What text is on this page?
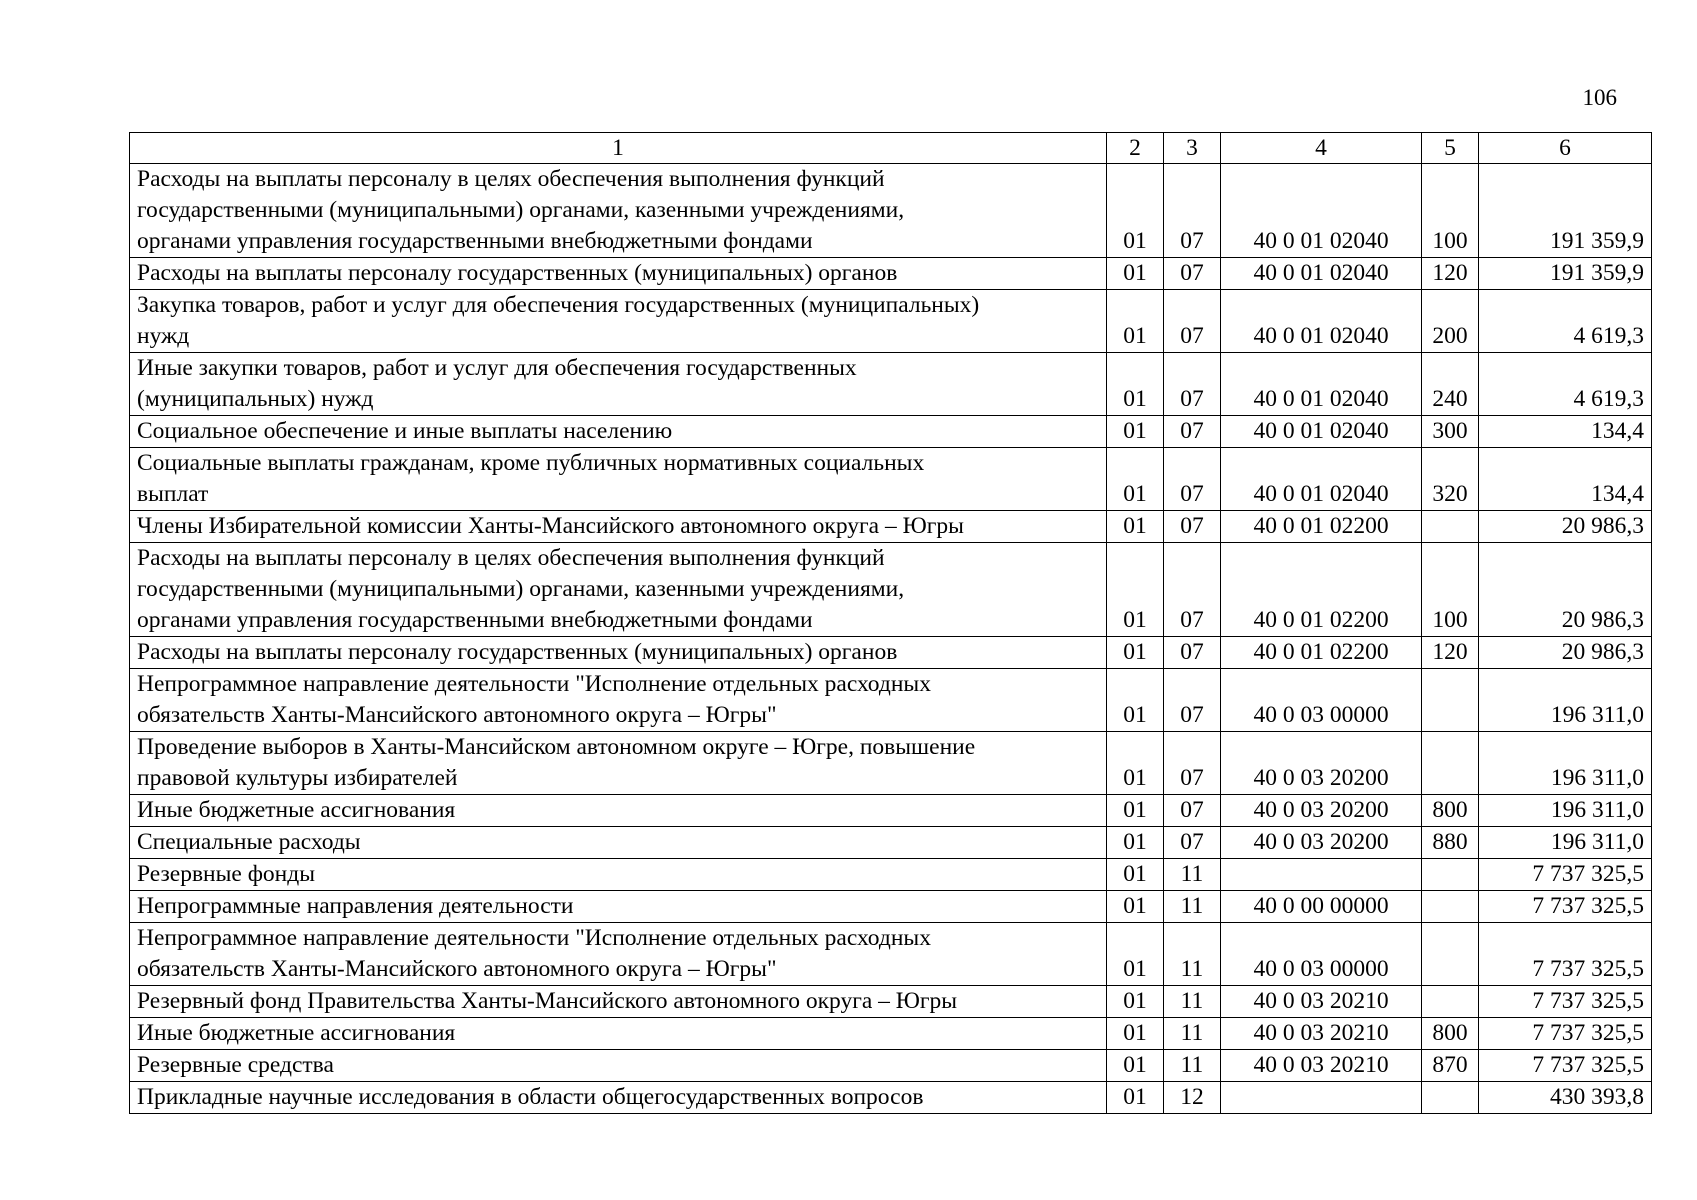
106
1	2	3	4	5	6

Расходы на выплаты персоналу в целях обеспечения выполнения функций
государственными (муниципальными) органами, казенными учреждениями,
органами управления государственными внебюджетными фондами	01	07	40 0 01 02040	100	191 359,9

Расходы на выплаты персоналу государственных (муниципальных) органов	01	07	40 0 01 02040	120	191 359,9

Закупка товаров, работ и услуг для обеспечения государственных (муниципальных)
нужд	01	07	40 0 01 02040	200	4 619,3

Иные закупки товаров, работ и услуг для обеспечения государственных
(муниципальных) нужд	01	07	40 0 01 02040	240	4 619,3

Социальное обеспечение и иные выплаты населению	01	07	40 0 01 02040	300	134,4

Социальные выплаты гражданам, кроме публичных нормативных социальных
выплат	01	07	40 0 01 02040	320	134,4

Члены Избирательной комиссии Ханты-Мансийского автономного округа – Югры	01	07	40 0 01 02200		20 986,3

Расходы на выплаты персоналу в целях обеспечения выполнения функций
государственными (муниципальными) органами, казенными учреждениями,
органами управления государственными внебюджетными фондами	01	07	40 0 01 02200	100	20 986,3

Расходы на выплаты персоналу государственных (муниципальных) органов	01	07	40 0 01 02200	120	20 986,3

Непрограммное направление деятельности "Исполнение отдельных расходных
обязательств Ханты-Мансийского автономного округа – Югры"	01	07	40 0 03 00000		196 311,0

Проведение выборов в Ханты-Мансийском автономном округе – Югре, повышение
правовой культуры избирателей	01	07	40 0 03 20200		196 311,0

Иные бюджетные ассигнования	01	07	40 0 03 20200	800	196 311,0

Специальные расходы	01	07	40 0 03 20200	880	196 311,0

Резервные фонды	01	11			7 737 325,5

Непрограммные направления деятельности	01	11	40 0 00 00000		7 737 325,5

Непрограммное направление деятельности "Исполнение отдельных расходных
обязательств Ханты-Мансийского автономного округа – Югры"	01	11	40 0 03 00000		7 737 325,5

Резервный фонд Правительства Ханты-Мансийского автономного округа – Югры	01	11	40 0 03 20210		7 737 325,5

Иные бюджетные ассигнования	01	11	40 0 03 20210	800	7 737 325,5

Резервные средства	01	11	40 0 03 20210	870	7 737 325,5

Прикладные научные исследования в области общегосударственных вопросов	01	12			430 393,8
